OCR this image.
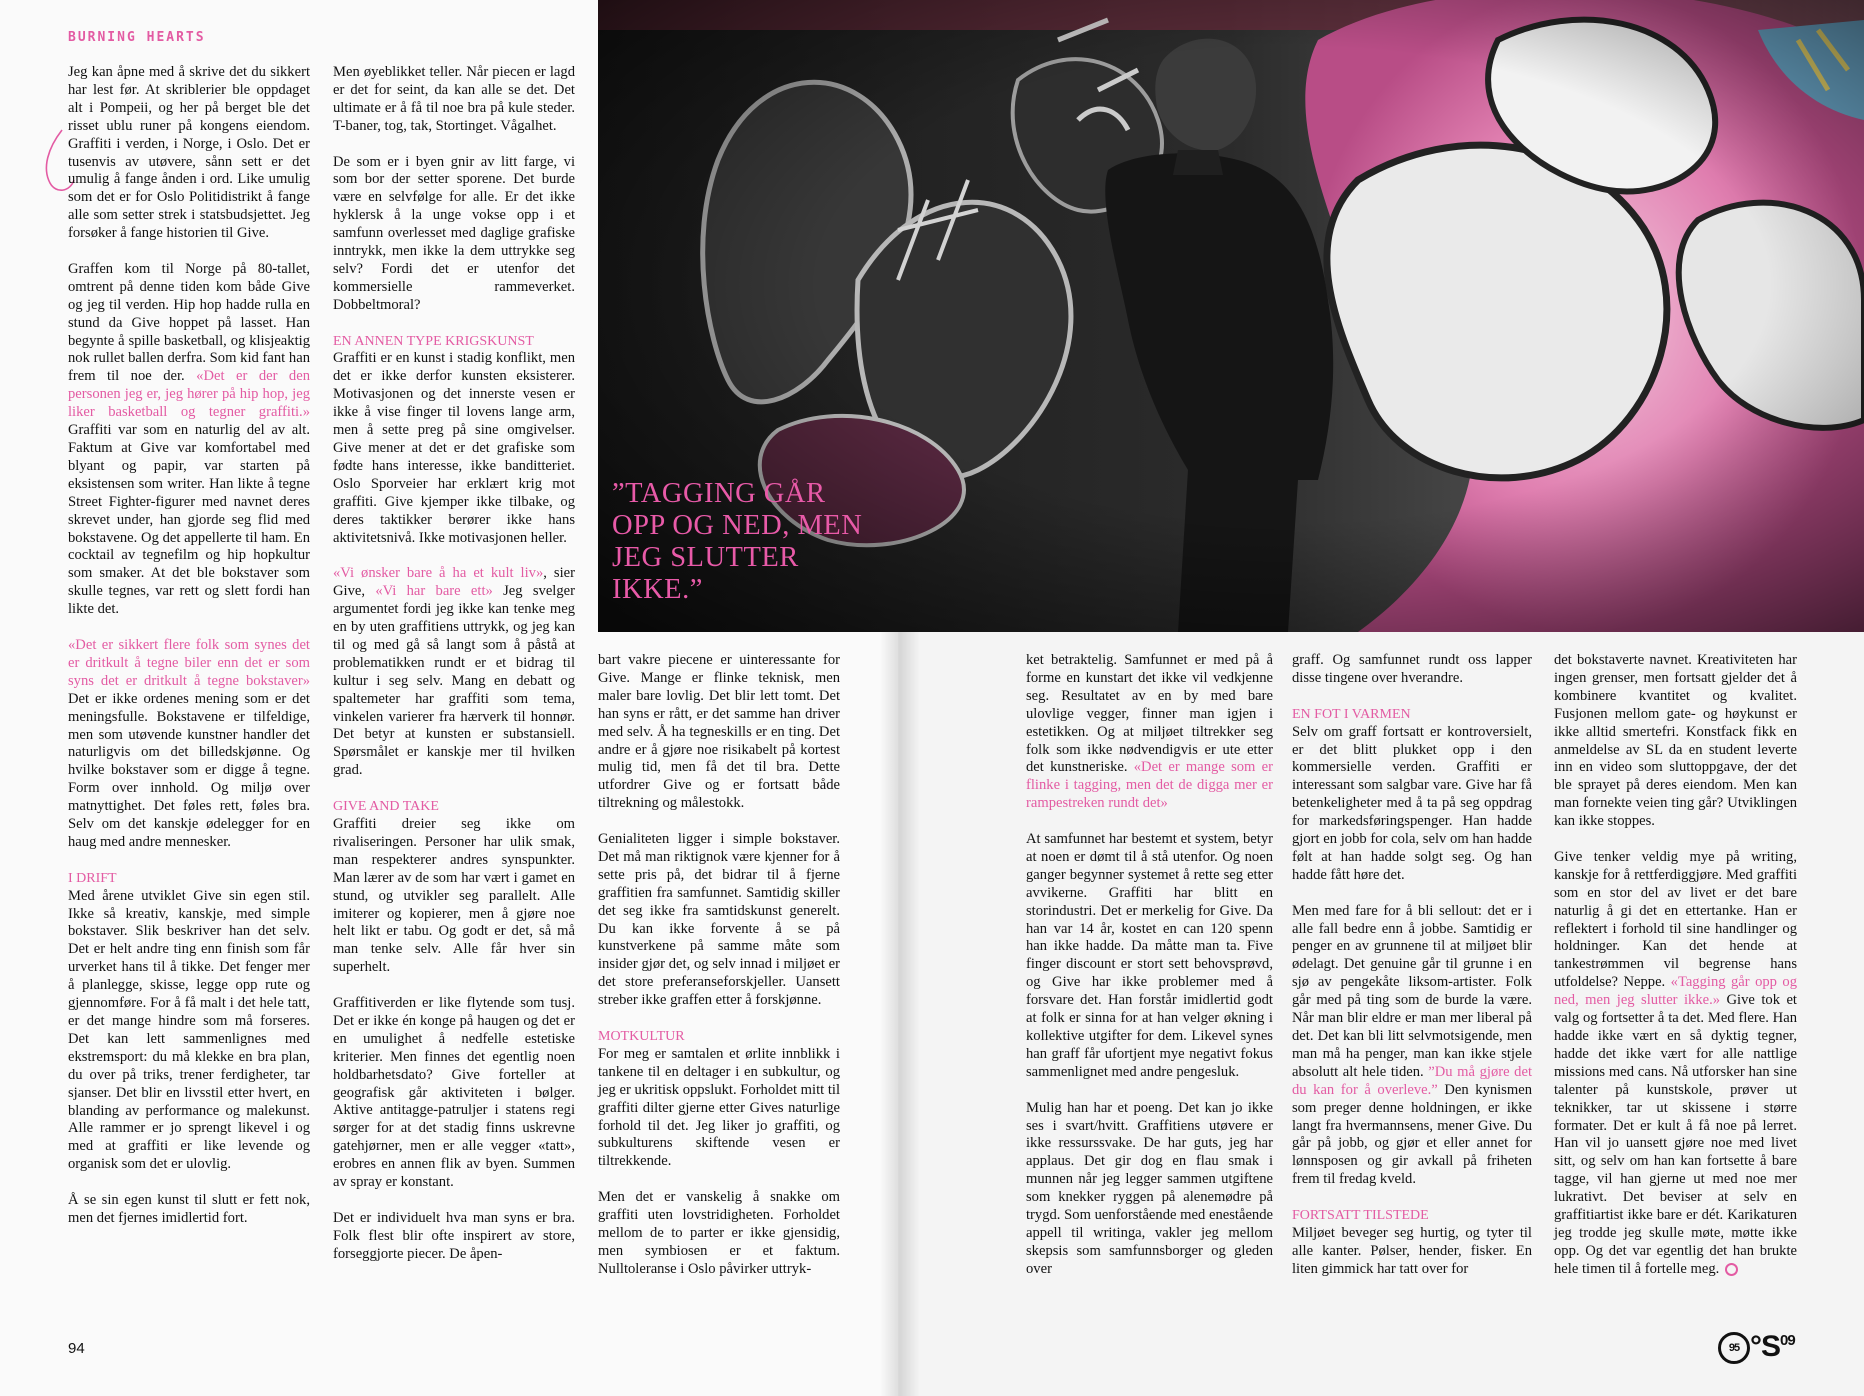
BURNING HEARTS

Jeg kan åpne med å skrive det du sikkert har lest før. At skriblerier ble oppdaget alt i Pompeii, og her på berget ble det risset ublu runer på kongens eiendom. Graffiti i verden, i Norge, i Oslo. Det er tusenvis av utøvere, sånn sett er det umulig å fange ånden i ord. Like umulig som det er for Oslo Politidistrikt å fange alle som setter strek i statsbudsjettet. Jeg forsøker å fange historien til Give.

Graffen kom til Norge på 80-tallet, omtrent på denne tiden kom både Give og jeg til verden. Hip hop hadde rulla en stund da Give hoppet på lasset. Han begynte å spille basketball, og klisjeaktig nok rullet ballen derfra. Som kid fant han frem til noe der. «Det er der den personen jeg er, jeg hører på hip hop, jeg liker basketball og tegner graffiti.» Graffiti var som en naturlig del av alt. Faktum at Give var komfortabel med blyant og papir, var starten på eksistensen som writer. Han likte å tegne Street Fighter-figurer med navnet deres skrevet under, han gjorde seg flid med bokstavene. Og det appellerte til ham. En cocktail av tegnefilm og hip hopkultur som smaker. At det ble bokstaver som skulle tegnes, var rett og slett fordi han likte det.

«Det er sikkert flere folk som synes det er dritkult å tegne biler enn det er som syns det er dritkult å tegne bokstaver» Det er ikke ordenes mening som er det meningsfulle. Bokstavene er tilfeldige, men som utøvende kunstner handler det naturligvis om det billedskjønne. Og hvilke bokstaver som er digge å tegne. Form over innhold. Og miljø over matnyttighet. Det føles rett, føles bra. Selv om det kanskje ødelegger for en haug med andre mennesker.

I DRIFT

Med årene utviklet Give sin egen stil. Ikke så kreativ, kanskje, med simple bokstaver. Slik beskriver han det selv. Det er helt andre ting enn finish som får urverket hans til å tikke. Det fenger mer å planlegge, skisse, legge opp rute og gjennomføre. For å få malt i det hele tatt, er det mange hindre som må forseres. Det kan lett sammenlignes med ekstremsport: du må klekke en bra plan, du over på triks, trener ferdigheter, tar sjanser. Det blir en livsstil etter hvert, en blanding av performance og malekunst. Alle rammer er jo sprengt likevel i og med at graffiti er like levende og organisk som det er ulovlig.

Å se sin egen kunst til slutt er fett nok, men det fjernes imidlertid fort.

Men øyeblikket teller. Når piecen er lagd er det for seint, da kan alle se det. Det ultimate er å få til noe bra på kule steder. T-baner, tog, tak, Stortinget. Vågalhet.

De som er i byen gnir av litt farge, vi som bor der setter sporene. Det burde være en selvfølge for alle. Er det ikke hyklersk å la unge vokse opp i et samfunn overlesset med daglige grafiske inntrykk, men ikke la dem uttrykke seg selv? Fordi det er utenfor det kommersielle rammeverket. Dobbeltmoral?

EN ANNEN TYPE KRIGSKUNST

Graffiti er en kunst i stadig konflikt, men det er ikke derfor kunsten eksisterer. Motivasjonen og det innerste vesen er ikke å vise finger til lovens lange arm, men å sette preg på sine omgivelser. Give mener at det er det grafiske som fødte hans interesse, ikke banditteriet. Oslo Sporveier har erklært krig mot graffiti. Give kjemper ikke tilbake, og deres taktikker berører ikke hans aktivitetsnivå. Ikke motivasjonen heller.

«Vi ønsker bare å ha et kult liv», sier Give, «Vi har bare ett» Jeg svelger argumentet fordi jeg ikke kan tenke meg en by uten graffitiens uttrykk, og jeg kan til og med gå så langt som å påstå at problematikken rundt er et bidrag til kultur i seg selv. Mang en debatt og spaltemeter har graffiti som tema, vinkelen varierer fra hærverk til honnør. Det betyr at kunsten er substansiell. Spørsmålet er kanskje mer til hvilken grad.

GIVE AND TAKE

Graffiti dreier seg ikke om rivaliseringen. Personer har ulik smak, man respekterer andres synspunkter. Man lærer av de som har vært i gamet en stund, og utvikler seg parallelt. Alle imiterer og kopierer, men å gjøre noe helt likt er tabu. Og godt er det, så må man tenke selv. Alle får hver sin superhelt.

Graffitiverden er like flytende som tusj. Det er ikke én konge på haugen og det er en umulighet å nedfelle estetiske kriterier. Men finnes det egentlig noen holdbarhetsdato? Give forteller at geografisk går aktiviteten i bølger. Aktive antitagge-patruljer i statens regi sørger for at det stadig finns uskrevne gatehjørner, men er alle vegger «tatt», erobres en annen flik av byen. Summen av spray er konstant.

Det er individuelt hva man syns er bra. Folk flest blir ofte inspirert av store, forseggjorte piecer. De åpen-

”TAGGING GÅR OPP OG NED, MEN JEG SLUTTER IKKE.”

bart vakre piecene er uinteressante for Give. Mange er flinke teknisk, men maler bare lovlig. Det blir lett tomt. Det han syns er rått, er det samme han driver med selv. Å ha tegneskills er en ting. Det andre er å gjøre noe risikabelt på kortest mulig tid, men få det til bra. Dette utfordrer Give og er fortsatt både tiltrekning og målestokk.

Genialiteten ligger i simple bokstaver. Det må man riktignok være kjenner for å sette pris på, det bidrar til å fjerne graffitien fra samfunnet. Samtidig skiller det seg ikke fra samtidskunst generelt. Du kan ikke forvente å se på kunstverkene på samme måte som insider gjør det, og selv innad i miljøet er det store preferanseforskjeller. Uansett streber ikke graffen etter å forskjønne.

MOTKULTUR

For meg er samtalen et ørlite innblikk i tankene til en deltager i en subkultur, og jeg er ukritisk oppslukt. Forholdet mitt til graffiti dilter gjerne etter Gives naturlige forhold til det. Jeg liker jo graffiti, og subkulturens skiftende vesen er tiltrekkende.

Men det er vanskelig å snakke om graffiti uten lovstridigheten. Forholdet mellom de to parter er ikke gjensidig, men symbiosen er et faktum. Nulltoleranse i Oslo påvirker uttryk-

ket betraktelig. Samfunnet er med på å forme en kunstart det ikke vil vedkjenne seg. Resultatet av en by med bare ulovlige vegger, finner man igjen i estetikken. Og at miljøet tiltrekker seg folk som ikke nødvendigvis er ute etter det kunstneriske. «Det er mange som er flinke i tagging, men det de digga mer er rampestreken rundt det»

At samfunnet har bestemt et system, betyr at noen er dømt til å stå utenfor. Og noen ganger begynner systemet å rette seg etter avvikerne. Graffiti har blitt en storindustri. Det er merkelig for Give. Da han var 14 år, kostet en can 120 spenn han ikke hadde. Da måtte man ta. Five finger discount er stort sett behovsprøvd, og Give har ikke problemer med å forsvare det. Han forstår imidlertid godt at folk er sinna for at han velger økning i kollektive utgifter for dem. Likevel synes han graff får ufortjent mye negativt fokus sammenlignet med andre pengesluk.

Mulig han har et poeng. Det kan jo ikke ses i svart/hvitt. Graffitiens utøvere er ikke ressurssvake. De har guts, jeg har applaus. Det gir dog en flau smak i munnen når jeg legger sammen utgiftene som knekker ryggen på alenemødre på trygd. Som uenforstående med enestående appell til writinga, vakler jeg mellom skepsis som samfunnsborger og gleden over

graff. Og samfunnet rundt oss lapper disse tingene over hverandre.

EN FOT I VARMEN

Selv om graff fortsatt er kontroversielt, er det blitt plukket opp i den kommersielle verden. Graffiti er interessant som salgbar vare. Give har få betenkeligheter med å ta på seg oppdrag for markedsføringspenger. Han hadde gjort en jobb for cola, selv om han hadde følt at han hadde solgt seg. Og han hadde fått høre det.

Men med fare for å bli sellout: det er i alle fall bedre enn å jobbe. Samtidig er penger en av grunnene til at miljøet blir ødelagt. Det genuine går til grunne i en sjø av pengekåte liksom-artister. Folk går med på ting som de burde la være. Når man blir eldre er man mer liberal på det. Det kan bli litt selvmotsigende, men man må ha penger, man kan ikke stjele absolutt alt hele tiden. ”Du må gjøre det du kan for å overleve.” Den kynismen som preger denne holdningen, er ikke langt fra hvermannsens, mener Give. Du går på jobb, og gjør et eller annet for lønnsposen og gir avkall på friheten frem til fredag kveld.

FORTSATT TILSTEDE

Miljøet beveger seg hurtig, og tyter til alle kanter. Pølser, hender, fisker. En liten gimmick har tatt over for

det bokstaverte navnet. Kreativiteten har ingen grenser, men fortsatt gjelder det å kombinere kvantitet og kvalitet. Fusjonen mellom gate- og høykunst er ikke alltid smertefri. Konstfack fikk en anmeldelse av SL da en student leverte inn en video som sluttoppgave, der det ble sprayet på deres eiendom. Men kan man fornekte veien ting går? Utviklingen kan ikke stoppes.

Give tenker veldig mye på writing, kanskje for å rettferdiggjøre. Med graffiti som en stor del av livet er det bare naturlig å gi det en ettertanke. Han er reflektert i forhold til sine handlinger og holdninger. Kan det hende at tankestrømmen vil begrense hans utfoldelse? Neppe. «Tagging går opp og ned, men jeg slutter ikke.» Give tok et valg og fortsetter å ta det. Med flere. Han hadde ikke vært en så dyktig tegner, hadde det ikke vært for alle nattlige missions med cans. Nå utforsker han sine talenter på kunstskole, prøver ut teknikker, tar ut skissene i større formater. Det er kult å få noe på lerret. Han vil jo uansett gjøre noe med livet sitt, og selv om han kan fortsette å bare tagge, vil han gjerne ut med noe mer lukrativt. Det beviser at selv en graffitiartist ikke bare er dét. Karikaturen jeg trodde jeg skulle møte, møtte ikke opp. Og det var egentlig det han brukte hele timen til å fortelle meg.

94	95 $^\circ S^{09}$
